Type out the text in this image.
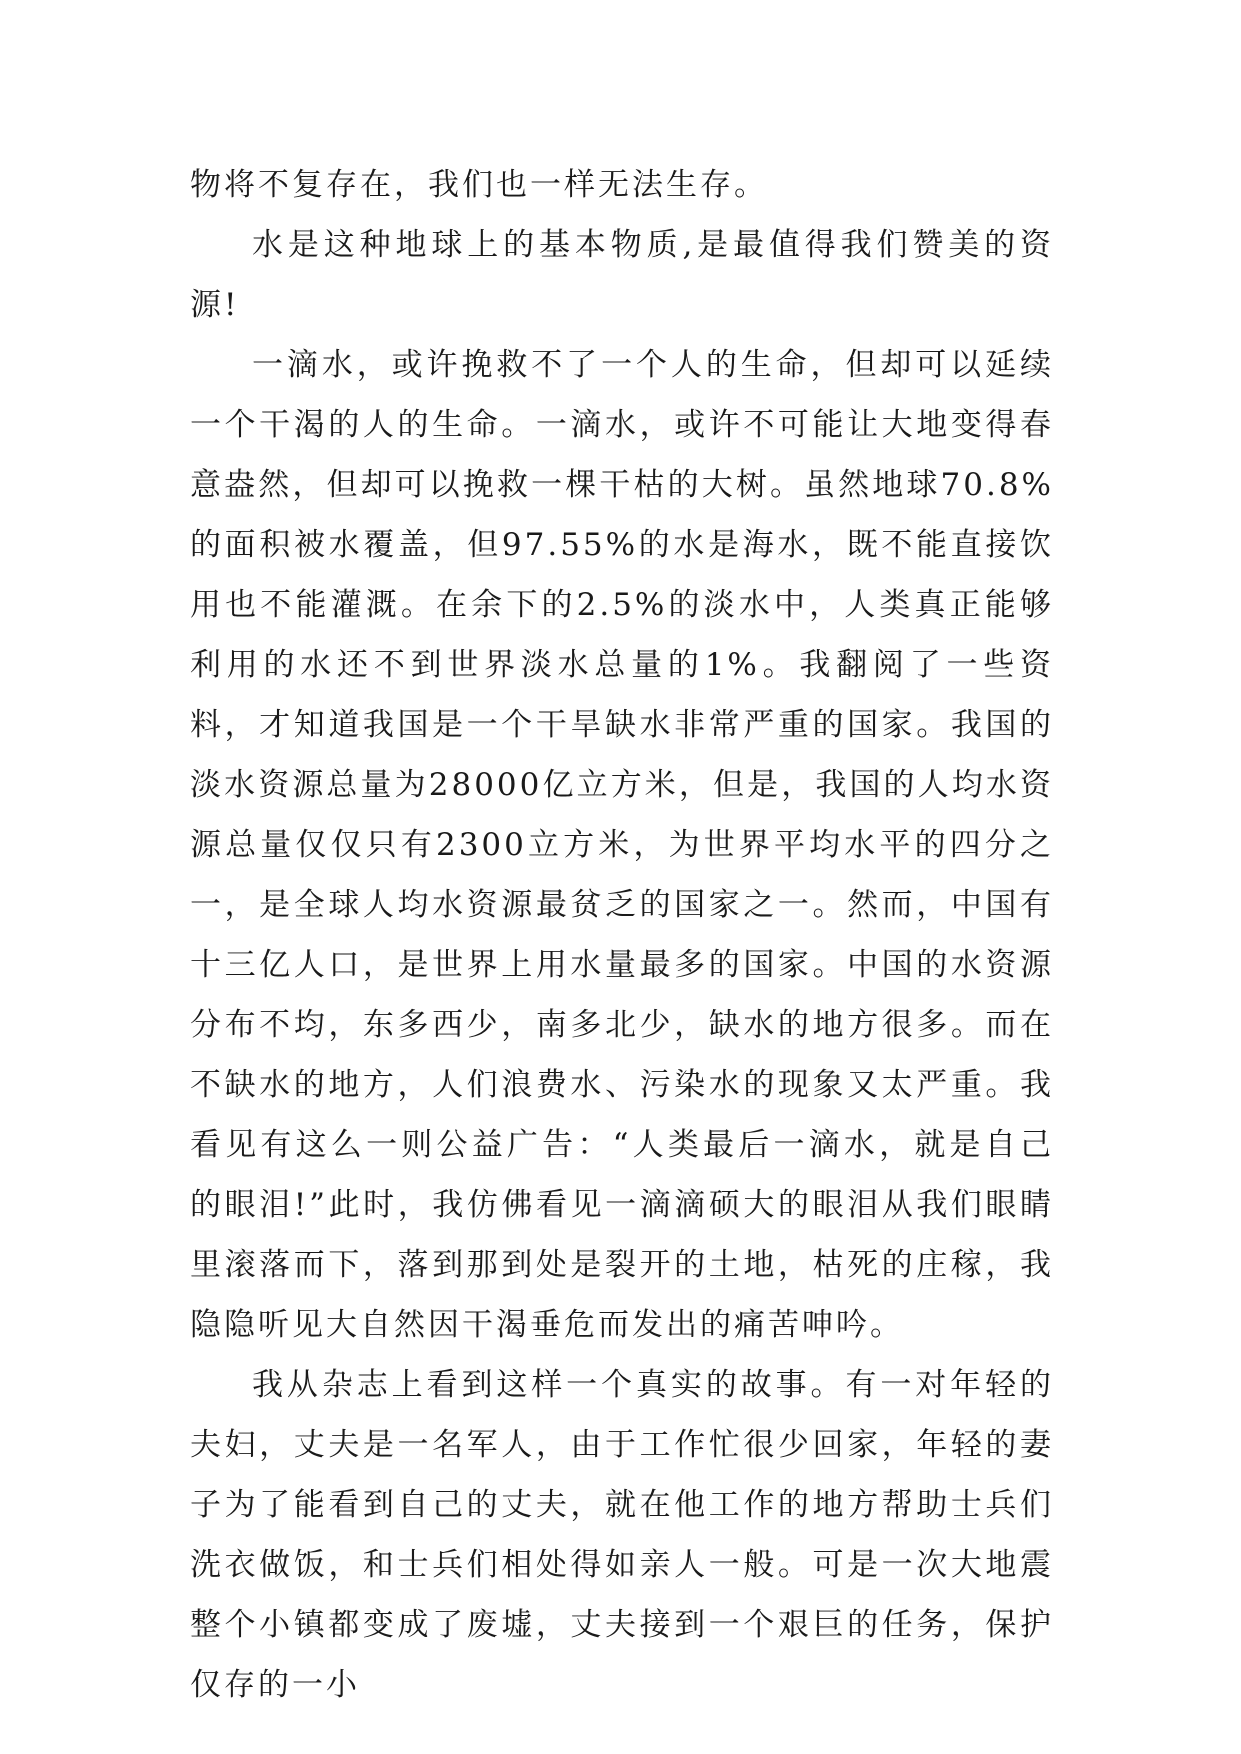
物将不复存在，我们也一样无法生存。

水是这种地球上的基本物质,是最值得我们赞美的资源!

一滴水，或许挽救不了一个人的生命，但却可以延续一个干渴的人的生命。一滴水，或许不可能让大地变得春意盎然，但却可以挽救一棵干枯的大树。虽然地球70.8%的面积被水覆盖，但97.55%的水是海水，既不能直接饮用也不能灌溉。在余下的2.5%的淡水中，人类真正能够利用的水还不到世界淡水总量的1%。我翻阅了一些资料，才知道我国是一个干旱缺水非常严重的国家。我国的淡水资源总量为28000亿立方米，但是，我国的人均水资源总量仅仅只有2300立方米，为世界平均水平的四分之一，是全球人均水资源最贫乏的国家之一。然而，中国有十三亿人口，是世界上用水量最多的国家。中国的水资源分布不均，东多西少，南多北少，缺水的地方很多。而在不缺水的地方，人们浪费水、污染水的现象又太严重。我看见有这么一则公益广告：“人类最后一滴水，就是自己的眼泪!”此时，我仿佛看见一滴滴硕大的眼泪从我们眼睛里滚落而下，落到那到处是裂开的土地，枯死的庄稼，我隐隐听见大自然因干渴垂危而发出的痛苦呻吟。

我从杂志上看到这样一个真实的故事。有一对年轻的夫妇，丈夫是一名军人，由于工作忙很少回家，年轻的妻子为了能看到自己的丈夫，就在他工作的地方帮助士兵们洗衣做饭，和士兵们相处得如亲人一般。可是一次大地震整个小镇都变成了废墟，丈夫接到一个艰巨的任务，保护仅存的一小
